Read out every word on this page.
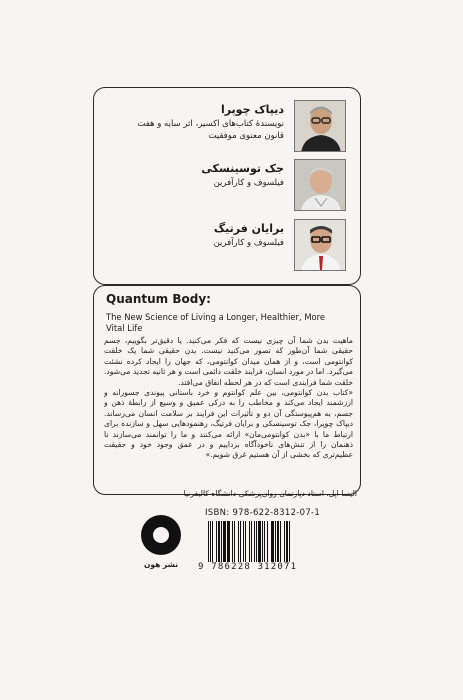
دیپاک چوپرا
نویسندهٔ کتاب‌های اکسیر، اثر سایه و هفت قانون معنوی موفقیت
جک توسینسکی
فیلسوف و کارآفرین
برایان فرتیگ
فیلسوف و کارآفرین
Quantum Body:
The New Science of Living a Longer, Healthier, More Vital Life

ماهیت بدن شما آن چیزی نیست که فکر می‌کنید. یا دقیق‌تر بگوییم، جسم حقیقی شما آن‌طور که تصور می‌کنید نیست. بدن حقیقی شما یک خلقت کوانتومی است، و از همان میدان کوانتومی، که جهان را ایجاد کرده نشئت می‌گیرد. اما در مورد انسان، فرایند خلقت دائمی است و هر ثانیه تجدید می‌شود. خلقت شما فرایندی است که در هر لحظه اتفاق می‌افتد.

«کتاب بدن کوانتومی، بین علم کوانتوم و خرد باستانی پیوندی جسورانه و ارزشمند ایجاد می‌کند و مخاطب را به درکی عمیق و وسیع از رابطهٔ ذهن و جسم، به هم‌پیوستگی آن دو و تأثیرات این فرایند بر سلامت انسان می‌رساند. دیپاک چوپرا، جک توسینسکی و برایان فرتیگ، رهنمودهایی سهل و سازنده برای ارتباط ما با «بدن کوانتومی‌مان» ارائه می‌کنند و ما را توانمند می‌سازند تا ذهنمان را از تنش‌های ناخودآگاه بزداییم و در عمق وجود خود و حقیقت عظیم‌تری که بخشی از آن هستیم غرق شویم.»

الیسا اپل، استاد دپارتمان روان‌پزشکی دانشگاه کالیفرنیا
نشر هون
ISBN: 978-622-8312-07-1
9 786228 312071
